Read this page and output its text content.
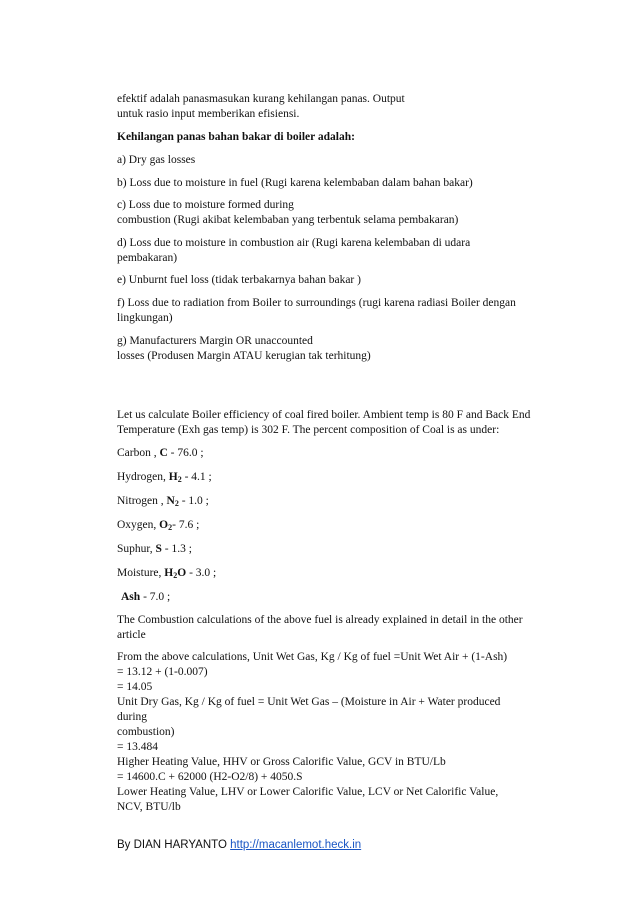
efektif adalah panasmasukan kurang kehilangan panas. Output

untuk rasio input memberikan efisiensi.

Kehilangan panas bahan bakar di boiler adalah:
a) Dry gas losses
b) Loss due to moisture in fuel (Rugi karena kelembaban dalam bahan bakar)

c) Loss due to moisture formed during

combustion (Rugi akibat kelembaban yang terbentuk selama pembakaran)

d) Loss due to moisture in combustion air (Rugi karena kelembaban di udara

pembakaran)

e) Unburnt fuel loss (tidak terbakarnya bahan bakar )

f) Loss due to radiation from Boiler to surroundings (rugi karena radiasi Boiler dengan

lingkungan)

g) Manufacturers Margin OR unaccounted

losses (Produsen Margin ATAU kerugian tak terhitung)

Let us calculate Boiler efficiency of coal fired boiler. Ambient temp is 80 F and Back End

Temperature (Exh gas temp) is 302 F. The percent composition of Coal is as under:

Carbon , C - 76.0 ;
Hydrogen, $H_2 - 4.1$ ;
Nitrogen , $N_2 - 1.0$ ;
Oxygen, $O_2-$ 7.6 ;
Suphur, S - 1.3 ;
Moisture, $H_2O - 3.0$ ;
Ash - 7.0 ;

The Combustion calculations of the above fuel is already explained in detail in the other

article

From the above calculations, Unit Wet Gas, Kg / Kg of fuel =Unit Wet Air + (1-Ash)

= 13.12 + (1-0.007)

= 14.05

Unit Dry Gas, Kg / Kg of fuel = Unit Wet Gas – (Moisture in Air + Water produced

during

combustion)

= 13.484

Higher Heating Value, HHV or Gross Calorific Value, GCV in BTU/Lb

= 14600.C + 62000 (H2-O2/8) + 4050.S

Lower Heating Value, LHV or Lower Calorific Value, LCV or Net Calorific Value,

NCV, BTU/lb

By DIAN HARYANTO http://macanlemot.heck.in
